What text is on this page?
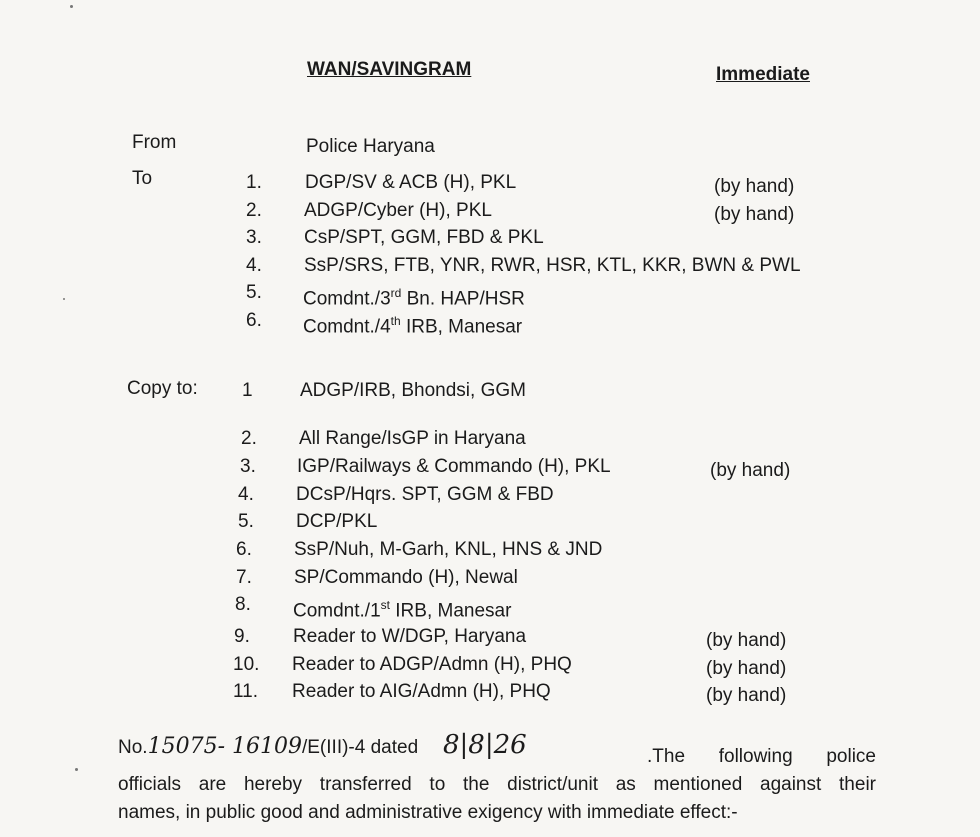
WAN/SAVINGRAM	Immediate
From	Police Haryana
To	1. DGP/SV & ACB (H), PKL	(by hand)
2. ADGP/Cyber (H), PKL	(by hand)
3. CsP/SPT, GGM, FBD & PKL
4. SsP/SRS, FTB, YNR, RWR, HSR, KTL, KKR, BWN & PWL
5. Comdnt./3rd Bn. HAP/HSR
6. Comdnt./4th IRB, Manesar
Copy to: 1 ADGP/IRB, Bhondsi, GGM
2. All Range/IsGP in Haryana
3. IGP/Railways & Commando (H), PKL	(by hand)
4. DCsP/Hqrs. SPT, GGM & FBD
5. DCP/PKL
6. SsP/Nuh, M-Garh, KNL, HNS & JND
7. SP/Commando (H), Newal
8. Comdnt./1st IRB, Manesar
9. Reader to W/DGP, Haryana	(by hand)
10. Reader to ADGP/Admn (H), PHQ	(by hand)
11. Reader to AIG/Admn (H), PHQ	(by hand)
No.15075- 16109/E(III)-4 dated 8|8|26	.The following police
officials are hereby transferred to the district/unit as mentioned against their
names, in public good and administrative exigency with immediate effect:-
